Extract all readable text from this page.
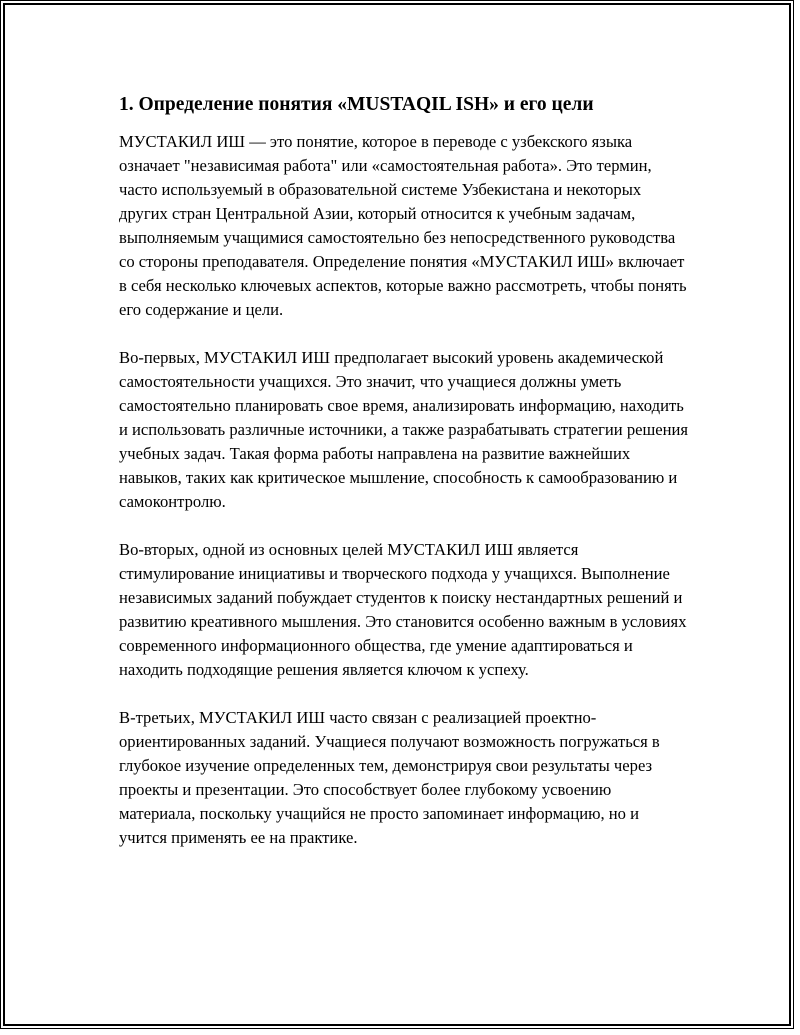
1. Определение понятия «MUSTAQIL ISH» и его цели

МУСТАКИЛ ИШ — это понятие, которое в переводе с узбекского языка означает "независимая работа" или «самостоятельная работа». Это термин, часто используемый в образовательной системе Узбекистана и некоторых других стран Центральной Азии, который относится к учебным задачам, выполняемым учащимися самостоятельно без непосредственного руководства со стороны преподавателя. Определение понятия «МУСТАКИЛ ИШ» включает в себя несколько ключевых аспектов, которые важно рассмотреть, чтобы понять его содержание и цели.

Во-первых, МУСТАКИЛ ИШ предполагает высокий уровень академической самостоятельности учащихся. Это значит, что учащиеся должны уметь самостоятельно планировать свое время, анализировать информацию, находить и использовать различные источники, а также разрабатывать стратегии решения учебных задач. Такая форма работы направлена на развитие важнейших навыков, таких как критическое мышление, способность к самообразованию и самоконтролю.

Во-вторых, одной из основных целей МУСТАКИЛ ИШ является стимулирование инициативы и творческого подхода у учащихся. Выполнение независимых заданий побуждает студентов к поиску нестандартных решений и развитию креативного мышления. Это становится особенно важным в условиях современного информационного общества, где умение адаптироваться и находить подходящие решения является ключом к успеху.

В-третьих, МУСТАКИЛ ИШ часто связан с реализацией проектно-ориентированных заданий. Учащиеся получают возможность погружаться в глубокое изучение определенных тем, демонстрируя свои результаты через проекты и презентации. Это способствует более глубокому усвоению материала, поскольку учащийся не просто запоминает информацию, но и учится применять ее на практике.
